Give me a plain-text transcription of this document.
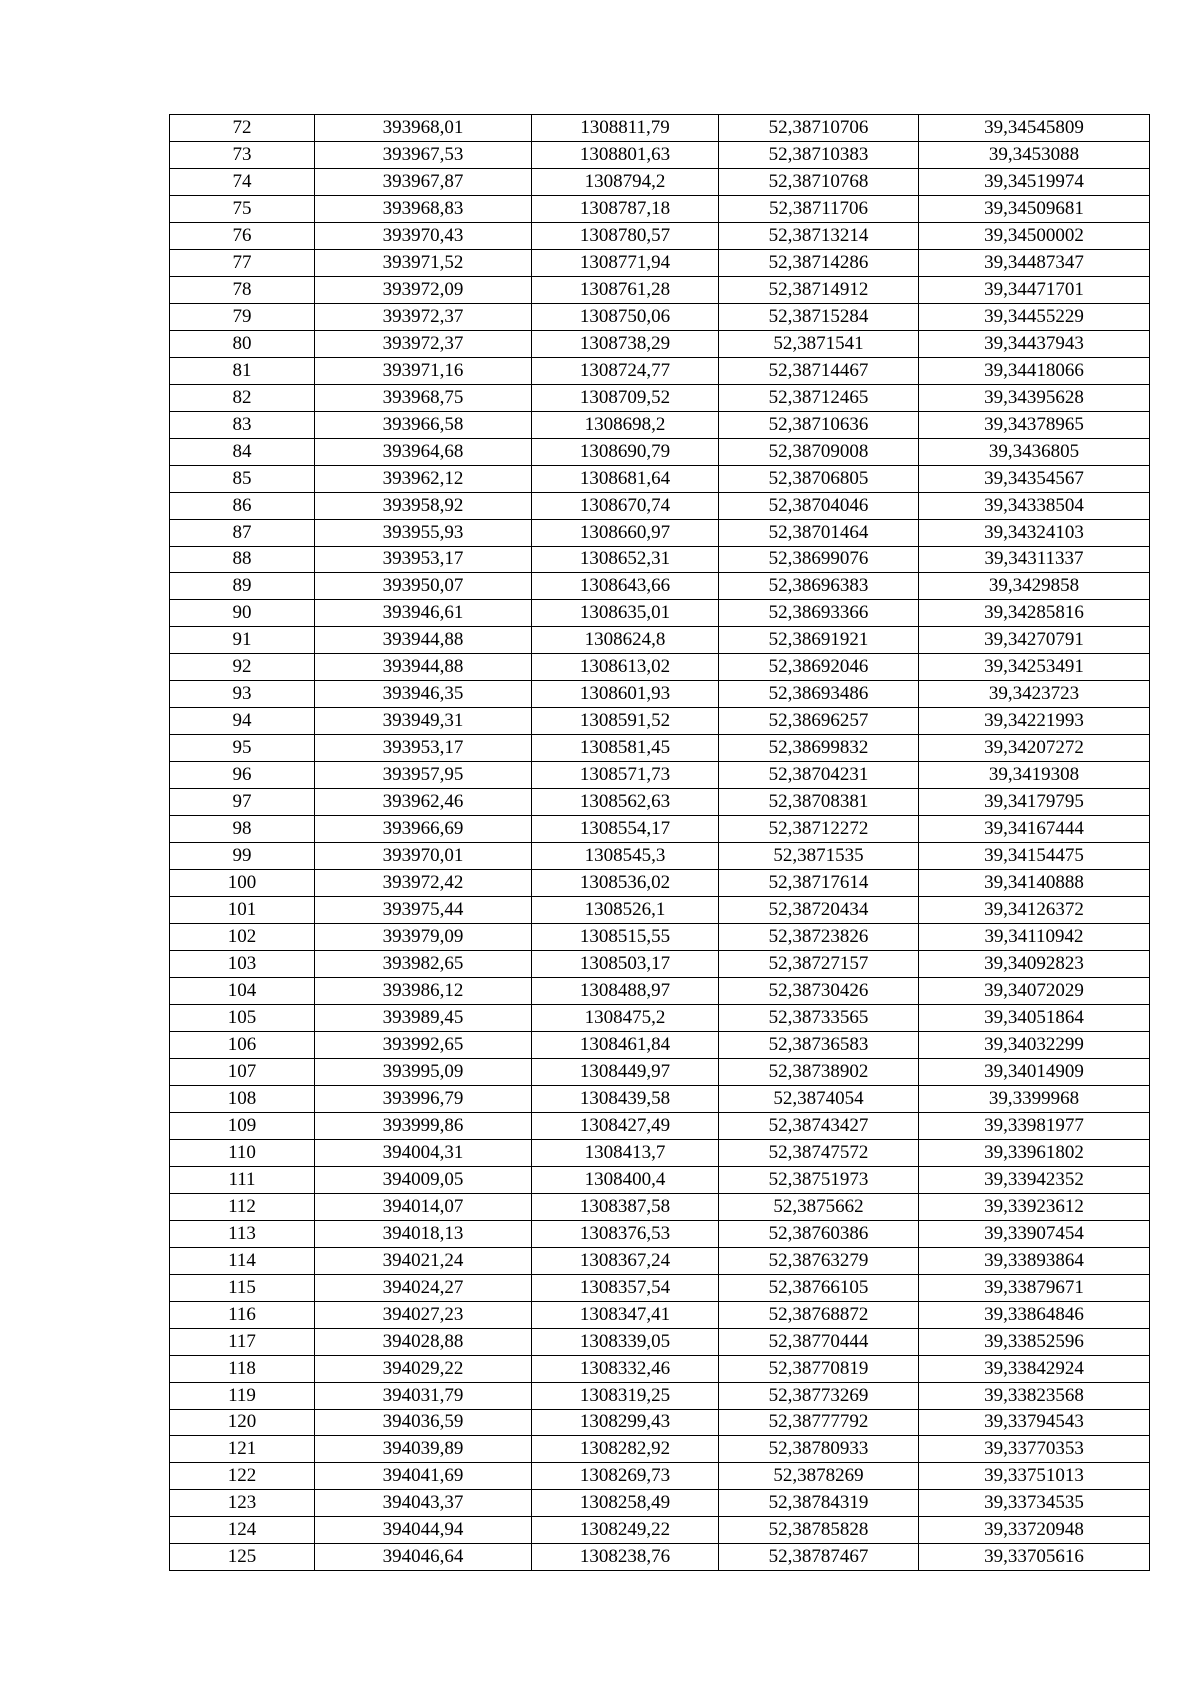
72	393968,01	1308811,79	52,38710706	39,34545809
73	393967,53	1308801,63	52,38710383	39,3453088
74	393967,87	1308794,2	52,38710768	39,34519974
75	393968,83	1308787,18	52,38711706	39,34509681
76	393970,43	1308780,57	52,38713214	39,34500002
77	393971,52	1308771,94	52,38714286	39,34487347
78	393972,09	1308761,28	52,38714912	39,34471701
79	393972,37	1308750,06	52,38715284	39,34455229
80	393972,37	1308738,29	52,3871541	39,34437943
81	393971,16	1308724,77	52,38714467	39,34418066
82	393968,75	1308709,52	52,38712465	39,34395628
83	393966,58	1308698,2	52,38710636	39,34378965
84	393964,68	1308690,79	52,38709008	39,3436805
85	393962,12	1308681,64	52,38706805	39,34354567
86	393958,92	1308670,74	52,38704046	39,34338504
87	393955,93	1308660,97	52,38701464	39,34324103
88	393953,17	1308652,31	52,38699076	39,34311337
89	393950,07	1308643,66	52,38696383	39,3429858
90	393946,61	1308635,01	52,38693366	39,34285816
91	393944,88	1308624,8	52,38691921	39,34270791
92	393944,88	1308613,02	52,38692046	39,34253491
93	393946,35	1308601,93	52,38693486	39,3423723
94	393949,31	1308591,52	52,38696257	39,34221993
95	393953,17	1308581,45	52,38699832	39,34207272
96	393957,95	1308571,73	52,38704231	39,3419308
97	393962,46	1308562,63	52,38708381	39,34179795
98	393966,69	1308554,17	52,38712272	39,34167444
99	393970,01	1308545,3	52,3871535	39,34154475
100	393972,42	1308536,02	52,38717614	39,34140888
101	393975,44	1308526,1	52,38720434	39,34126372
102	393979,09	1308515,55	52,38723826	39,34110942
103	393982,65	1308503,17	52,38727157	39,34092823
104	393986,12	1308488,97	52,38730426	39,34072029
105	393989,45	1308475,2	52,38733565	39,34051864
106	393992,65	1308461,84	52,38736583	39,34032299
107	393995,09	1308449,97	52,38738902	39,34014909
108	393996,79	1308439,58	52,3874054	39,3399968
109	393999,86	1308427,49	52,38743427	39,33981977
110	394004,31	1308413,7	52,38747572	39,33961802
111	394009,05	1308400,4	52,38751973	39,33942352
112	394014,07	1308387,58	52,3875662	39,33923612
113	394018,13	1308376,53	52,38760386	39,33907454
114	394021,24	1308367,24	52,38763279	39,33893864
115	394024,27	1308357,54	52,38766105	39,33879671
116	394027,23	1308347,41	52,38768872	39,33864846
117	394028,88	1308339,05	52,38770444	39,33852596
118	394029,22	1308332,46	52,38770819	39,33842924
119	394031,79	1308319,25	52,38773269	39,33823568
120	394036,59	1308299,43	52,38777792	39,33794543
121	394039,89	1308282,92	52,38780933	39,33770353
122	394041,69	1308269,73	52,3878269	39,33751013
123	394043,37	1308258,49	52,38784319	39,33734535
124	394044,94	1308249,22	52,38785828	39,33720948
125	394046,64	1308238,76	52,38787467	39,33705616
